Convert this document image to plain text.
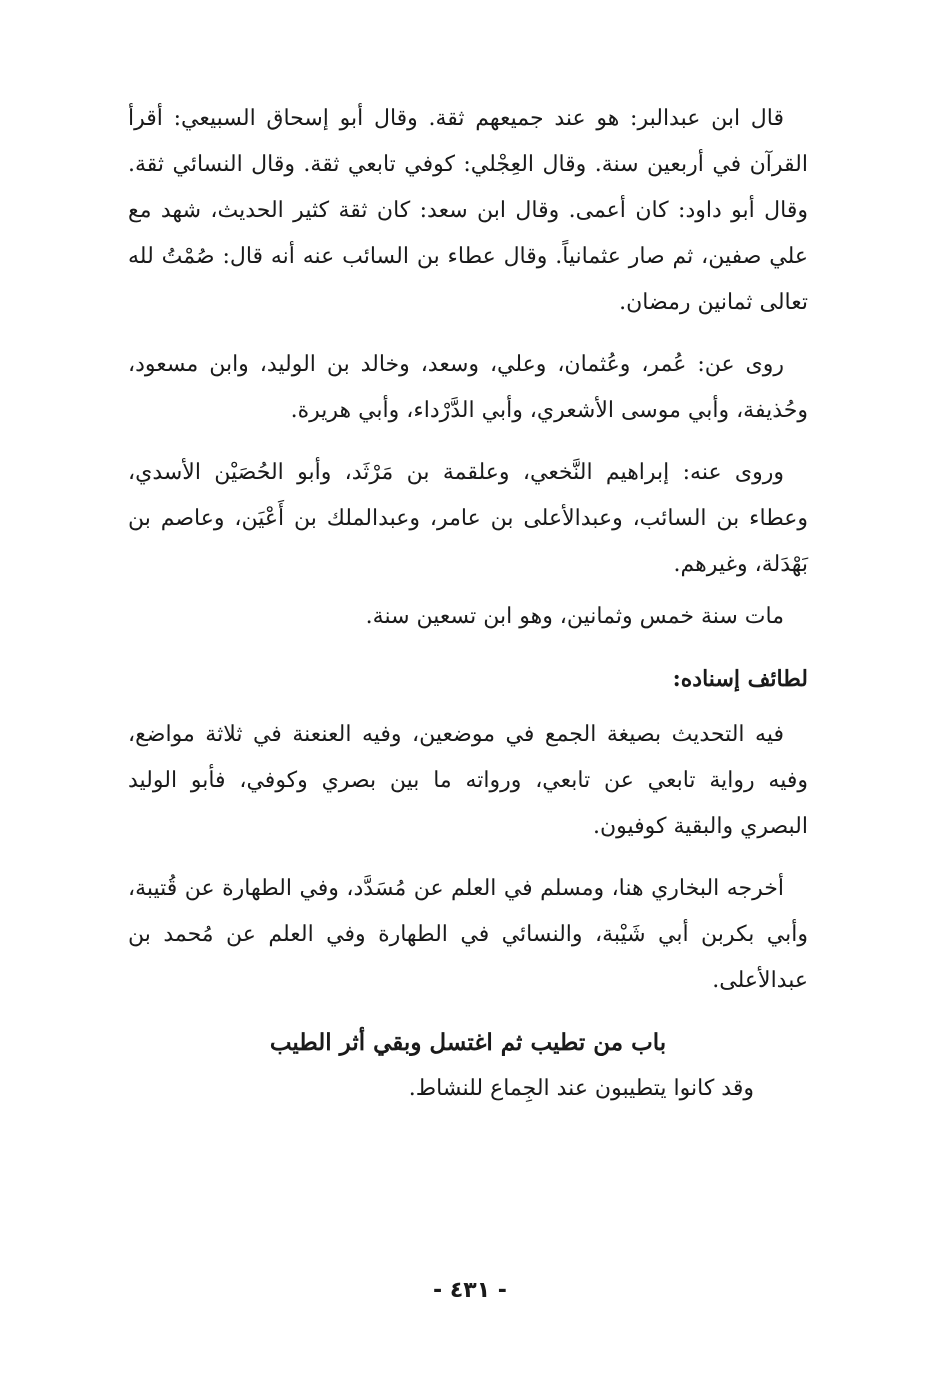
قال ابن عبدالبر: هو عند جميعهم ثقة. وقال أبو إسحاق السبيعي: أقرأ القرآن في أربعين سنة. وقال العِجْلي: كوفي تابعي ثقة. وقال النسائي ثقة. وقال أبو داود: كان أعمى. وقال ابن سعد: كان ثقة كثير الحديث، شهد مع علي صفين، ثم صار عثمانياً. وقال عطاء بن السائب عنه أنه قال: صُمْتُ لله تعالى ثمانين رمضان.

روى عن: عُمر، وعُثمان، وعلي، وسعد، وخالد بن الوليد، وابن مسعود، وحُذيفة، وأبي موسى الأشعري، وأبي الدَّرْداء، وأبي هريرة.

وروى عنه: إبراهيم النَّخعي، وعلقمة بن مَرْثَد، وأبو الحُصَيْن الأسدي، وعطاء بن السائب، وعبدالأعلى بن عامر، وعبدالملك بن أَعْيَن، وعاصم بن بَهْدَلة، وغيرهم.

مات سنة خمس وثمانين، وهو ابن تسعين سنة.

لطائف إسناده:

فيه التحديث بصيغة الجمع في موضعين، وفيه العنعنة في ثلاثة مواضع، وفيه رواية تابعي عن تابعي، ورواته ما بين بصري وكوفي، فأبو الوليد البصري والبقية كوفيون.

أخرجه البخاري هنا، ومسلم في العلم عن مُسَدَّد، وفي الطهارة عن قُتيبة، وأبي بكربن أبي شَيْبة، والنسائي في الطهارة وفي العلم عن مُحمد بن عبدالأعلى.

باب من تطيب ثم اغتسل وبقي أثر الطيب

وقد كانوا يتطيبون عند الجِماع للنشاط.

- ٤٣١ -
